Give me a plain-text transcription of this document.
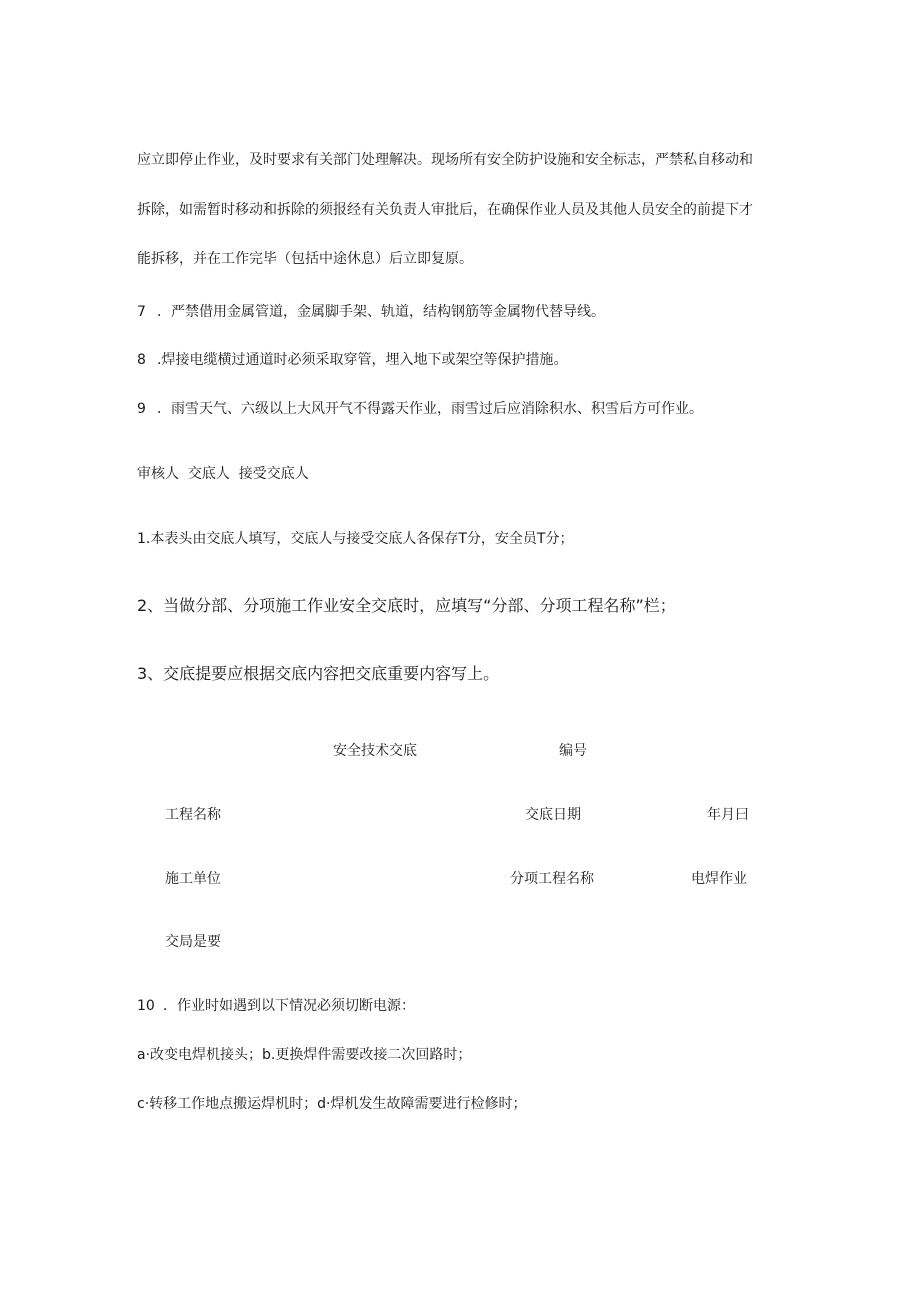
应立即停止作业，及时要求有关部门处理解决。现场所有安全防护设施和安全标志，严禁私自移动和
拆除，如需暂时移动和拆除的须报经有关负责人审批后，在确保作业人员及其他人员安全的前提下才
能拆移，并在工作完毕（包括中途休息）后立即复原。
7 ．严禁借用金属管道，金属脚手架、轨道，结构钢筋等金属物代替导线。
8 .焊接电缆横过通道时必须采取穿管，埋入地下或架空等保护措施。
9 ．雨雪天气、六级以上大风开气不得露天作业，雨雪过后应消除积水、积雪后方可作业。
审核人  交底人  接受交底人
1.本表头由交底人填写，交底人与接受交底人各保存T分，安全员T分；
2、当做分部、分项施工作业安全交底时，应填写“分部、分项工程名称”栏；
3、交底提要应根据交底内容把交底重要内容写上。
安全技术交底	编号
工程名称	交底日期	年月曰
施工单位	分项工程名称	电焊作业
交局是要
10 ．作业时如遇到以下情况必须切断电源：
a·改变电焊机接头；b.更换焊件需要改接二次回路时；
c·转移工作地点搬运焊机时；d·焊机发生故障需要进行检修时；
